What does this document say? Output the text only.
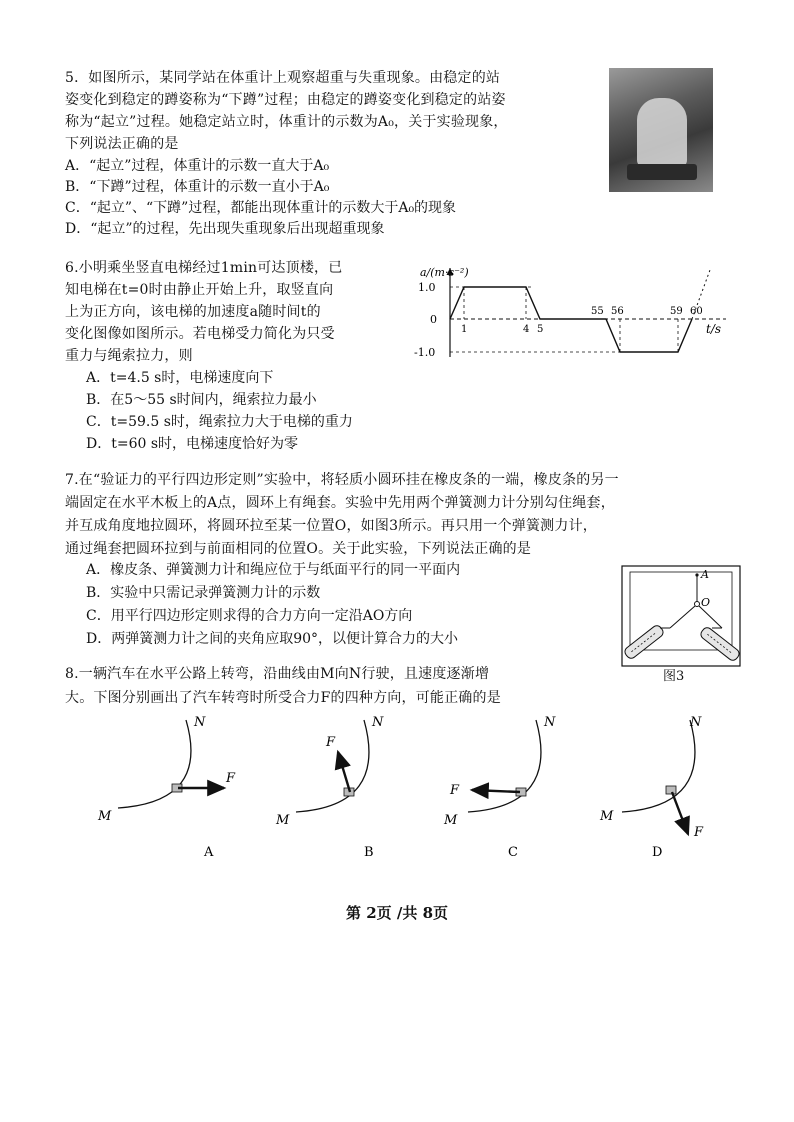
5．如图所示，某同学站在体重计上观察超重与失重现象。由稳定的站
姿变化到稳定的蹲姿称为“下蹲”过程；由稳定的蹲姿变化到稳定的站姿
称为“起立”过程。她稳定站立时，体重计的示数为A₀，关于实验现象，
下列说法正确的是
A．“起立”过程，体重计的示数一直大于A₀
B．“下蹲”过程，体重计的示数一直小于A₀
C．“起立”、“下蹲”过程，都能出现体重计的示数大于A₀的现象
D．“起立”的过程，先出现失重现象后出现超重现象
6.小明乘坐竖直电梯经过1min可达顶楼，已
知电梯在t=0时由静止开始上升，取竖直向
上为正方向，该电梯的加速度a随时间t的
变化图像如图所示。若电梯受力简化为只受
重力与绳索拉力，则
A．t=4.5 s时，电梯速度向下
B．在5～55 s时间内，绳索拉力最小
C．t=59.5 s时，绳索拉力大于电梯的重力
D．t=60 s时，电梯速度恰好为零
a/(m·s⁻²)
t/s
1.0
0
-1.0
1	4 5
55 56	59 60
7.在“验证力的平行四边形定则”实验中，将轻质小圆环挂在橡皮条的一端，橡皮条的另一
端固定在水平木板上的A点，圆环上有绳套。实验中先用两个弹簧测力计分别勾住绳套，
并互成角度地拉圆环，将圆环拉至某一位置O，如图3所示。再只用一个弹簧测力计，
通过绳套把圆环拉到与前面相同的位置O。关于此实验，下列说法正确的是
A．橡皮条、弹簧测力计和绳应位于与纸面平行的同一平面内
B．实验中只需记录弹簧测力计的示数
C．用平行四边形定则求得的合力方向一定沿AO方向
D．两弹簧测力计之间的夹角应取90°，以便计算合力的大小
A
O
图3
8.一辆汽车在水平公路上转弯，沿曲线由M向N行驶，且速度逐渐增
大。下图分别画出了汽车转弯时所受合力F的四种方向，可能正确的是
N
M
F
A
N
M
F
B
N
M
F
C
N
M
F
D
第 2页 /共 8页
